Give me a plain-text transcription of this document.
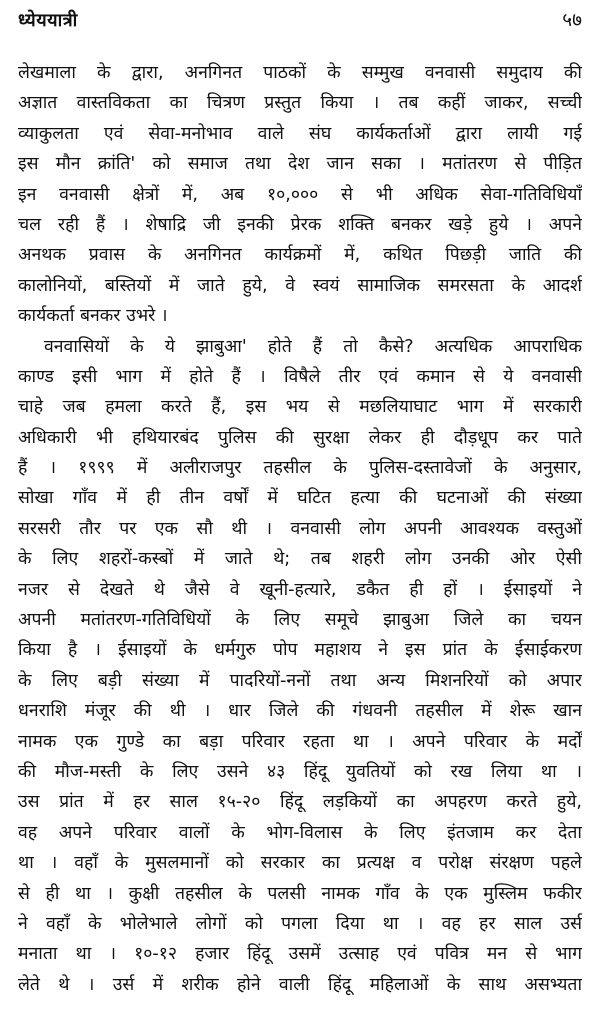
ध्येययात्री	५७
लेखमाला के द्वारा, अनगिनत पाठकों के सम्मुख वनवासी समुदाय की
अज्ञात वास्तविकता का चित्रण प्रस्तुत किया । तब कहीं जाकर, सच्ची
व्याकुलता एवं सेवा-मनोभाव वाले संघ कार्यकर्ताओं द्वारा लायी गई
इस मौन क्रांति' को समाज तथा देश जान सका । मतांतरण से पीड़ित
इन वनवासी क्षेत्रों में, अब १०,००० से भी अधिक सेवा-गतिविधियाँ
चल रही हैं । शेषाद्रि जी इनकी प्रेरक शक्ति बनकर खड़े हुये । अपने
अनथक प्रवास के अनगिनत कार्यक्रमों में, कथित पिछड़ी जाति की
कालोनियों, बस्तियों में जाते हुये, वे स्वयं सामाजिक समरसता के आदर्श
कार्यकर्ता बनकर उभरे ।
वनवासियों के ये झाबुआ' होते हैं तो कैसे? अत्यधिक आपराधिक
काण्ड इसी भाग में होते हैं । विषैले तीर एवं कमान से ये वनवासी
चाहे जब हमला करते हैं, इस भय से मछलियाघाट भाग में सरकारी
अधिकारी भी हथियारबंद पुलिस की सुरक्षा लेकर ही दौड़धूप कर पाते
हैं । १९९९ में अलीराजपुर तहसील के पुलिस-दस्तावेजों के अनुसार,
सोखा गाँव में ही तीन वर्षों में घटित हत्या की घटनाओं की संख्या
सरसरी तौर पर एक सौ थी । वनवासी लोग अपनी आवश्यक वस्तुओं
के लिए शहरों-कस्बों में जाते थे; तब शहरी लोग उनकी ओर ऐसी
नजर से देखते थे जैसे वे खूनी-हत्यारे, डकैत ही हों । ईसाइयों ने
अपनी मतांतरण-गतिविधियों के लिए समूचे झाबुआ जिले का चयन
किया है । ईसाइयों के धर्मगुरु पोप महाशय ने इस प्रांत के ईसाईकरण
के लिए बड़ी संख्या में पादरियों-ननों तथा अन्य मिशनरियों को अपार
धनराशि मंजूर की थी । धार जिले की गंधवनी तहसील में शेरू खान
नामक एक गुण्डे का बड़ा परिवार रहता था । अपने परिवार के मर्दों
की मौज-मस्ती के लिए उसने ४३ हिंदू युवतियों को रख लिया था ।
उस प्रांत में हर साल १५-२० हिंदू लड़कियों का अपहरण करते हुये,
वह अपने परिवार वालों के भोग-विलास के लिए इंतजाम कर देता
था । वहाँ के मुसलमानों को सरकार का प्रत्यक्ष व परोक्ष संरक्षण पहले
से ही था । कुक्षी तहसील के पलसी नामक गाँव के एक मुस्लिम फकीर
ने वहाँ के भोलेभाले लोगों को पगला दिया था । वह हर साल उर्स
मनाता था । १०-१२ हजार हिंदू उसमें उत्साह एवं पवित्र मन से भाग
लेते थे । उर्स में शरीक होने वाली हिंदू महिलाओं के साथ असभ्यता
